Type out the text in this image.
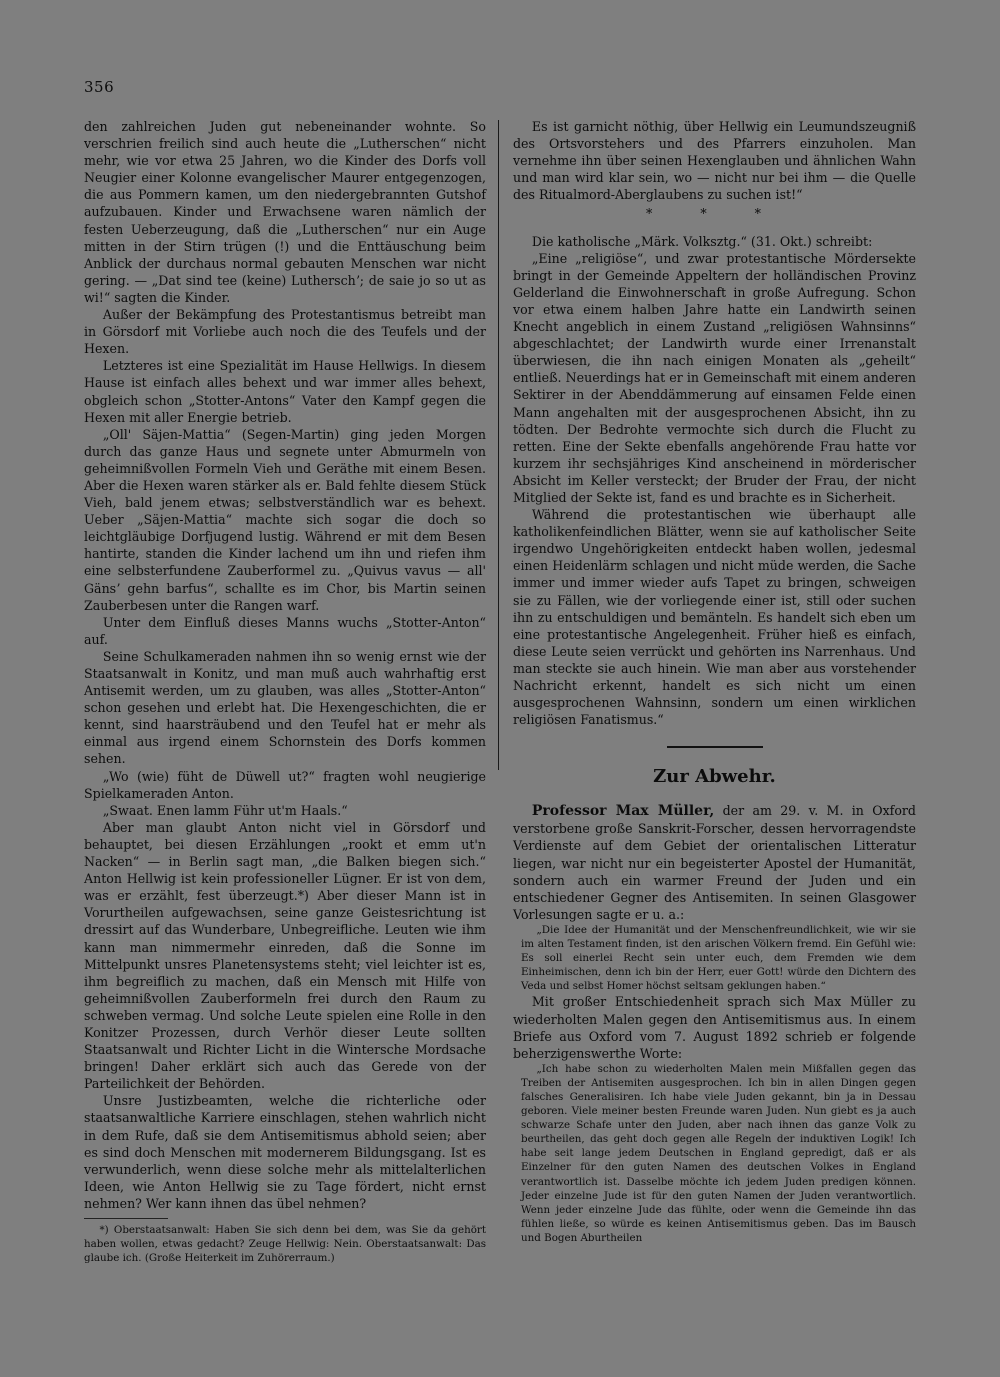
356

den zahlreichen Juden gut nebeneinander wohnte. So verschrien freilich sind auch heute die „Lutherschen“ nicht mehr, wie vor etwa 25 Jahren, wo die Kinder des Dorfs voll Neugier einer Kolonne evangelischer Maurer entgegenzogen, die aus Pommern kamen, um den niedergebrannten Gutshof aufzubauen. Kinder und Erwachsene waren nämlich der festen Ueberzeugung, daß die „Lutherschen“ nur ein Auge mitten in der Stirn trügen (!) und die Enttäuschung beim Anblick der durchaus normal gebauten Menschen war nicht gering. — „Dat sind tee (keine) Lutherschʼ; de saie jo so ut as wi!“ sagten die Kinder.

Außer der Bekämpfung des Protestantismus betreibt man in Görsdorf mit Vorliebe auch noch die des Teufels und der Hexen.

Letzteres ist eine Spezialität im Hause Hellwigs. In diesem Hause ist einfach alles behext und war immer alles behext, obgleich schon „Stotter-Antons“ Vater den Kampf gegen die Hexen mit aller Energie betrieb.

„Oll' Säjen-Mattia“ (Segen-Martin) ging jeden Morgen durch das ganze Haus und segnete unter Abmurmeln von geheimnißvollen Formeln Vieh und Geräthe mit einem Besen. Aber die Hexen waren stärker als er. Bald fehlte diesem Stück Vieh, bald jenem etwas; selbstverständlich war es behext. Ueber „Säjen-Mattia“ machte sich sogar die doch so leichtgläubige Dorfjugend lustig. Während er mit dem Besen hantirte, standen die Kinder lachend um ihn und riefen ihm eine selbsterfundene Zauberformel zu. „Quivus vavus — all' Gänsʼ gehn barfus“, schallte es im Chor, bis Martin seinen Zauberbesen unter die Rangen warf.

Unter dem Einfluß dieses Manns wuchs „Stotter-Anton“ auf.

Seine Schulkameraden nahmen ihn so wenig ernst wie der Staatsanwalt in Konitz, und man muß auch wahrhaftig erst Antisemit werden, um zu glauben, was alles „Stotter-Anton“ schon gesehen und erlebt hat. Die Hexengeschichten, die er kennt, sind haarsträubend und den Teufel hat er mehr als einmal aus irgend einem Schornstein des Dorfs kommen sehen.

„Wo (wie) füht de Düwell ut?“ fragten wohl neugierige Spielkameraden Anton.

„Swaat. Enen lamm Führ ut'm Haals.“

Aber man glaubt Anton nicht viel in Görsdorf und behauptet, bei diesen Erzählungen „rookt et emm ut'n Nacken“ — in Berlin sagt man, „die Balken biegen sich.“ Anton Hellwig ist kein professioneller Lügner. Er ist von dem, was er erzählt, fest überzeugt.*) Aber dieser Mann ist in Vorurtheilen aufgewachsen, seine ganze Geistesrichtung ist dressirt auf das Wunderbare, Unbegreifliche. Leuten wie ihm kann man nimmermehr einreden, daß die Sonne im Mittelpunkt unsres Planetensystems steht; viel leichter ist es, ihm begreiflich zu machen, daß ein Mensch mit Hilfe von geheimnißvollen Zauberformeln frei durch den Raum zu schweben vermag. Und solche Leute spielen eine Rolle in den Konitzer Prozessen, durch Verhör dieser Leute sollten Staatsanwalt und Richter Licht in die Wintersche Mordsache bringen! Daher erklärt sich auch das Gerede von der Parteilichkeit der Behörden.

Unsre Justizbeamten, welche die richterliche oder staatsanwaltliche Karriere einschlagen, stehen wahrlich nicht in dem Rufe, daß sie dem Antisemitismus abhold seien; aber es sind doch Menschen mit modernerem Bildungsgang. Ist es verwunderlich, wenn diese solche mehr als mittelalterlichen Ideen, wie Anton Hellwig sie zu Tage fördert, nicht ernst nehmen? Wer kann ihnen das übel nehmen?

*) Oberstaatsanwalt: Haben Sie sich denn bei dem, was Sie da gehört haben wollen, etwas gedacht? Zeuge Hellwig: Nein. Oberstaatsanwalt: Das glaube ich. (Große Heiterkeit im Zuhörerraum.)

Es ist garnicht nöthig, über Hellwig ein Leumundszeugniß des Ortsvorstehers und des Pfarrers einzuholen. Man vernehme ihn über seinen Hexenglauben und ähnlichen Wahn und man wird klar sein, wo — nicht nur bei ihm — die Quelle des Ritualmord-Aberglaubens zu suchen ist!“

* * *

Die katholische „Märk. Volksztg.“ (31. Okt.) schreibt:

„Eine „religiöse“, und zwar protestantische Mördersekte bringt in der Gemeinde Appeltern der holländischen Provinz Gelderland die Einwohnerschaft in große Aufregung. Schon vor etwa einem halben Jahre hatte ein Landwirth seinen Knecht angeblich in einem Zustand „religiösen Wahnsinns“ abgeschlachtet; der Landwirth wurde einer Irrenanstalt überwiesen, die ihn nach einigen Monaten als „geheilt“ entließ. Neuerdings hat er in Gemeinschaft mit einem anderen Sektirer in der Abenddämmerung auf einsamen Felde einen Mann angehalten mit der ausgesprochenen Absicht, ihn zu tödten. Der Bedrohte vermochte sich durch die Flucht zu retten. Eine der Sekte ebenfalls angehörende Frau hatte vor kurzem ihr sechsjähriges Kind anscheinend in mörderischer Absicht im Keller versteckt; der Bruder der Frau, der nicht Mitglied der Sekte ist, fand es und brachte es in Sicherheit.

Während die protestantischen wie überhaupt alle katholikenfeindlichen Blätter, wenn sie auf katholischer Seite irgendwo Ungehörigkeiten entdeckt haben wollen, jedesmal einen Heidenlärm schlagen und nicht müde werden, die Sache immer und immer wieder aufs Tapet zu bringen, schweigen sie zu Fällen, wie der vorliegende einer ist, still oder suchen ihn zu entschuldigen und bemänteln. Es handelt sich eben um eine protestantische Angelegenheit. Früher hieß es einfach, diese Leute seien verrückt und gehörten ins Narrenhaus. Und man steckte sie auch hinein. Wie man aber aus vorstehender Nachricht erkennt, handelt es sich nicht um einen ausgesprochenen Wahnsinn, sondern um einen wirklichen religiösen Fanatismus.“

Zur Abwehr.

Professor Max Müller, der am 29. v. M. in Oxford verstorbene große Sanskrit-Forscher, dessen hervorragendste Verdienste auf dem Gebiet der orientalischen Litteratur liegen, war nicht nur ein begeisterter Apostel der Humanität, sondern auch ein warmer Freund der Juden und ein entschiedener Gegner des Antisemiten. In seinen Glasgower Vorlesungen sagte er u. a.:

„Die Idee der Humanität und der Menschenfreundlichkeit, wie wir sie im alten Testament finden, ist den arischen Völkern fremd. Ein Gefühl wie: Es soll einerlei Recht sein unter euch, dem Fremden wie dem Einheimischen, denn ich bin der Herr, euer Gott! würde den Dichtern des Veda und selbst Homer höchst seltsam geklungen haben.“

Mit großer Entschiedenheit sprach sich Max Müller zu wiederholten Malen gegen den Antisemitismus aus. In einem Briefe aus Oxford vom 7. August 1892 schrieb er folgende beherzigenswerthe Worte:

„Ich habe schon zu wiederholten Malen mein Mißfallen gegen das Treiben der Antisemiten ausgesprochen. Ich bin in allen Dingen gegen falsches Generalisiren. Ich habe viele Juden gekannt, bin ja in Dessau geboren. Viele meiner besten Freunde waren Juden. Nun giebt es ja auch schwarze Schafe unter den Juden, aber nach ihnen das ganze Volk zu beurtheilen, das geht doch gegen alle Regeln der induktiven Logik! Ich habe seit lange jedem Deutschen in England gepredigt, daß er als Einzelner für den guten Namen des deutschen Volkes in England verantwortlich ist. Dasselbe möchte ich jedem Juden predigen können. Jeder einzelne Jude ist für den guten Namen der Juden verantwortlich. Wenn jeder einzelne Jude das fühlte, oder wenn die Gemeinde ihn das fühlen ließe, so würde es keinen Antisemitismus geben. Das im Bausch und Bogen Aburtheilen
